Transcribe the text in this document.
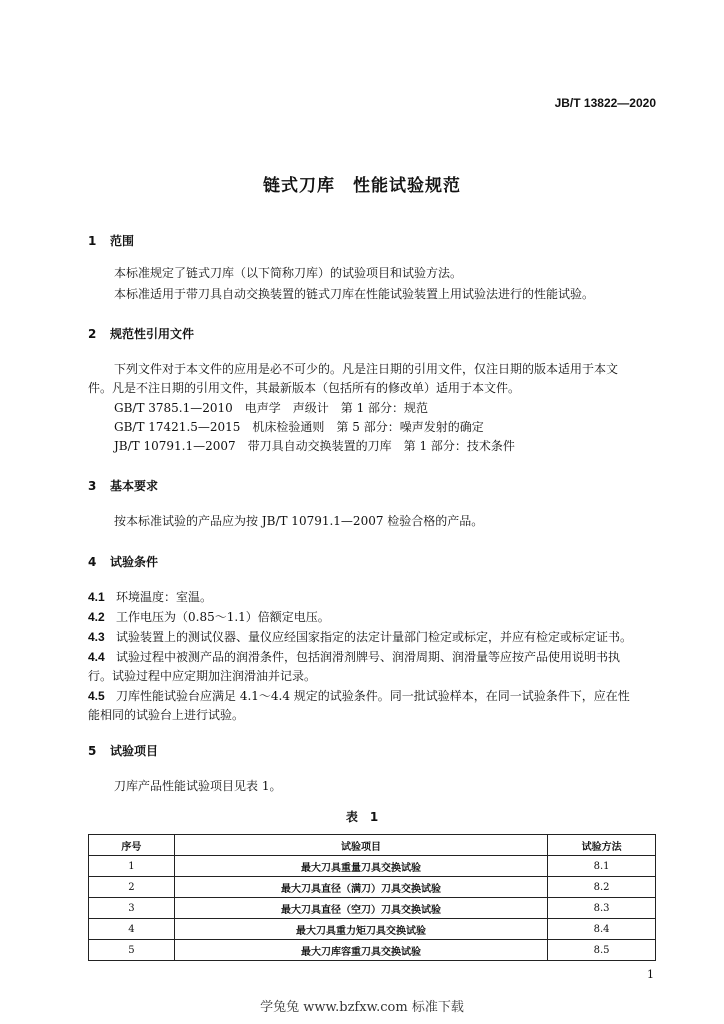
JB/T 13822—2020
链式刀库　性能试验规范
1 范围
本标准规定了链式刀库（以下简称刀库）的试验项目和试验方法。
本标准适用于带刀具自动交换装置的链式刀库在性能试验装置上用试验法进行的性能试验。
2 规范性引用文件
下列文件对于本文件的应用是必不可少的。凡是注日期的引用文件，仅注日期的版本适用于本文
件。凡是不注日期的引用文件，其最新版本（包括所有的修改单）适用于本文件。
GB/T 3785.1—2010　电声学　声级计　第 1 部分：规范
GB/T 17421.5—2015　机床检验通则　第 5 部分：噪声发射的确定
JB/T 10791.1—2007　带刀具自动交换装置的刀库　第 1 部分：技术条件
3 基本要求
按本标准试验的产品应为按 JB/T 10791.1—2007 检验合格的产品。
4 试验条件
4.1 环境温度：室温。
4.2 工作电压为（0.85～1.1）倍额定电压。
4.3 试验装置上的测试仪器、量仪应经国家指定的法定计量部门检定或标定，并应有检定或标定证书。
4.4 试验过程中被测产品的润滑条件，包括润滑剂牌号、润滑周期、润滑量等应按产品使用说明书执
行。试验过程中应定期加注润滑油并记录。
4.5 刀库性能试验台应满足 4.1～4.4 规定的试验条件。同一批试验样本，在同一试验条件下，应在性
能相同的试验台上进行试验。
5 试验项目
刀库产品性能试验项目见表 1。
表　1
序号	试验项目	试验方法
1	最大刀具重量刀具交换试验	8.1
2	最大刀具直径（满刀）刀具交换试验	8.2
3	最大刀具直径（空刀）刀具交换试验	8.3
4	最大刀具重力矩刀具交换试验	8.4
5	最大刀库容重刀具交换试验	8.5
1
学兔兔 www.bzfxw.com 标准下载
